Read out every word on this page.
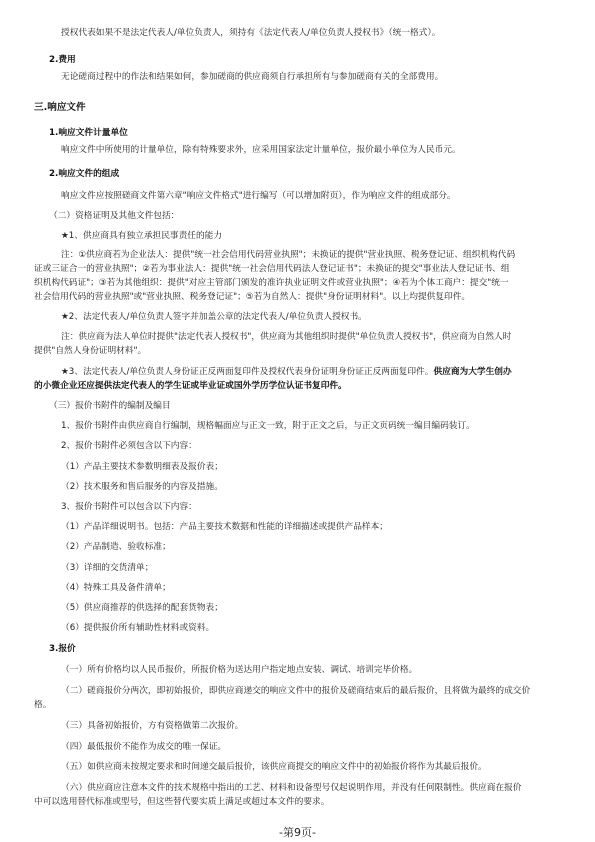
授权代表如果不是法定代表人/单位负责人，须持有《法定代表人/单位负责人授权书》（统一格式）。
2.费用
无论磋商过程中的作法和结果如何，参加磋商的供应商须自行承担所有与参加磋商有关的全部费用。
三.响应文件
1.响应文件计量单位
响应文件中所使用的计量单位，除有特殊要求外，应采用国家法定计量单位，报价最小单位为人民币元。
2.响应文件的组成
响应文件应按照磋商文件第六章"响应文件格式"进行编写（可以增加附页），作为响应文件的组成部分。
（二）资格证明及其他文件包括：
★1、供应商具有独立承担民事责任的能力
注：①供应商若为企业法人：提供"统一社会信用代码营业执照"；未换证的提供"营业执照、税务登记证、组织机构代码
证或三证合一的营业执照"；②若为事业法人：提供"统一社会信用代码法人登记证书"；未换证的提交"事业法人登记证书、组
织机构代码证"；③若为其他组织：提供"对应主管部门颁发的准许执业证明文件或营业执照"；④若为个体工商户：提交"统一
社会信用代码的营业执照"或"营业执照、税务登记证"；⑤若为自然人：提供"身份证明材料"。以上均提供复印件。
★2、法定代表人/单位负责人签字并加盖公章的法定代表人/单位负责人授权书。
注：供应商为法人单位时提供"法定代表人授权书"，供应商为其他组织时提供"单位负责人授权书"，供应商为自然人时
提供"自然人身份证明材料"。
★3、法定代表人/单位负责人身份证正反两面复印件及授权代表身份证明身份证正反两面复印件。供应商为大学生创办
的小微企业还应提供法定代表人的学生证或毕业证或国外学历学位认证书复印件。
（三）报价书附件的编制及编目
1、报价书附件由供应商自行编制，规格幅面应与正文一致，附于正文之后，与正文页码统一编目编码装订。
2、报价书附件必须包含以下内容：
（1）产品主要技术参数明细表及报价表；
（2）技术服务和售后服务的内容及措施。
3、报价书附件可以包含以下内容：
（1）产品详细说明书。包括：产品主要技术数据和性能的详细描述或提供产品样本；
（2）产品制造、验收标准；
（3）详细的交货清单；
（4）特殊工具及备件清单；
（5）供应商推荐的供选择的配套货物表；
（6）提供报价所有辅助性材料或资料。
3.报价
（一）所有价格均以人民币报价，所报价格为送达用户指定地点安装、调试、培训完毕价格。
（二）磋商报价分两次，即初始报价，即供应商递交的响应文件中的报价及磋商结束后的最后报价，且将做为最终的成交价
格。
（三）具备初始报价，方有资格做第二次报价。
（四）最低报价不能作为成交的唯一保证。
（五）如供应商未按规定要求和时间递交最后报价，该供应商提交的响应文件中的初始报价将作为其最后报价。
（六）供应商应注意本文件的技术规格中指出的工艺、材料和设备型号仅起说明作用，并没有任何限制性。供应商在报价
中可以选用替代标准或型号，但这些替代要实质上满足或超过本文件的要求。
-第9页-
